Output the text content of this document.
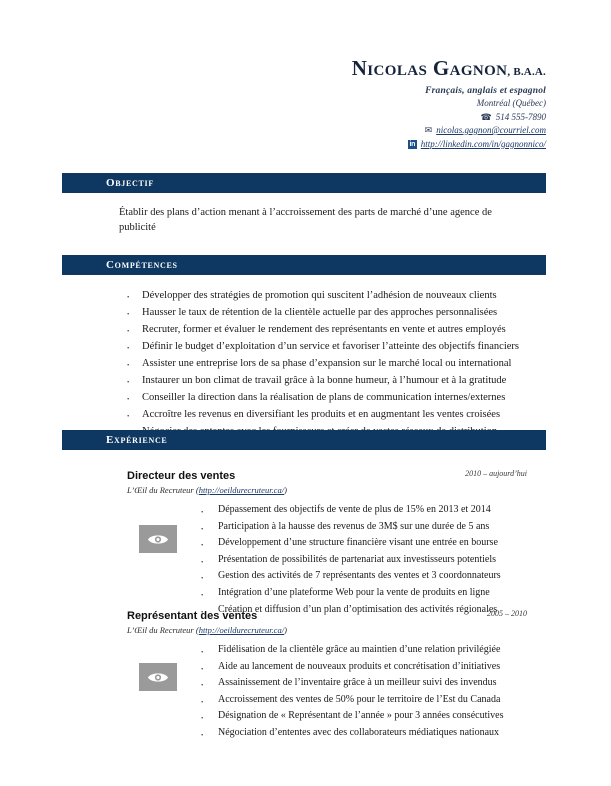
Nicolas Gagnon, B.A.A.
Français, anglais et espagnol
Montréal (Québec)
☎ 514 555-7890
✉ nicolas.gagnon@courriel.com
in http://linkedin.com/in/gagnonnico/
Objectif
Établir des plans d’action menant à l’accroissement des parts de marché d’une agence de publicité
Compétences
· Développer des stratégies de promotion qui suscitent l’adhésion de nouveaux clients
· Hausser le taux de rétention de la clientèle actuelle par des approches personnalisées
· Recruter, former et évaluer le rendement des représentants en vente et autres employés
· Définir le budget d’exploitation d’un service et favoriser l’atteinte des objectifs financiers
· Assister une entreprise lors de sa phase d’expansion sur le marché local ou international
· Instaurer un bon climat de travail grâce à la bonne humeur, à l’humour et à la gratitude
· Conseiller la direction dans la réalisation de plans de communication internes/externes
· Accroître les revenus en diversifiant les produits et en augmentant les ventes croisées
·
Expérience
Directeur des ventes	2010 – aujourd’hui
L’Œil du Recruteur (http://oeildurecruteur.ca/)
· Dépassement des objectifs de vente de plus de 15% en 2013 et 2014
· Participation à la hausse des revenus de 3M$ sur une durée de 5 ans
· Développement d’une structure financière visant une entrée en bourse
· Présentation de possibilités de partenariat aux investisseurs potentiels
· Gestion des activités de 7 représentants des ventes et 3 coordonnateurs
· Intégration d’une plateforme Web pour la vente de produits en ligne
· Création et diffusion d’un plan d’optimisation des activités régionales
Représentant des ventes	2005 – 2010
L’Œil du Recruteur (http://oeildurecruteur.ca/)
· Fidélisation de la clientèle grâce au maintien d’une relation privilégiée
· Aide au lancement de nouveaux produits et concrétisation d’initiatives
· Assainissement de l’inventaire grâce à un meilleur suivi des invendus
· Accroissement des ventes de 50% pour le territoire de l’Est du Canada
· Désignation de « Représentant de l’année » pour 3 années consécutives
· Négociation d’ententes avec des collaborateurs médiatiques nationaux
